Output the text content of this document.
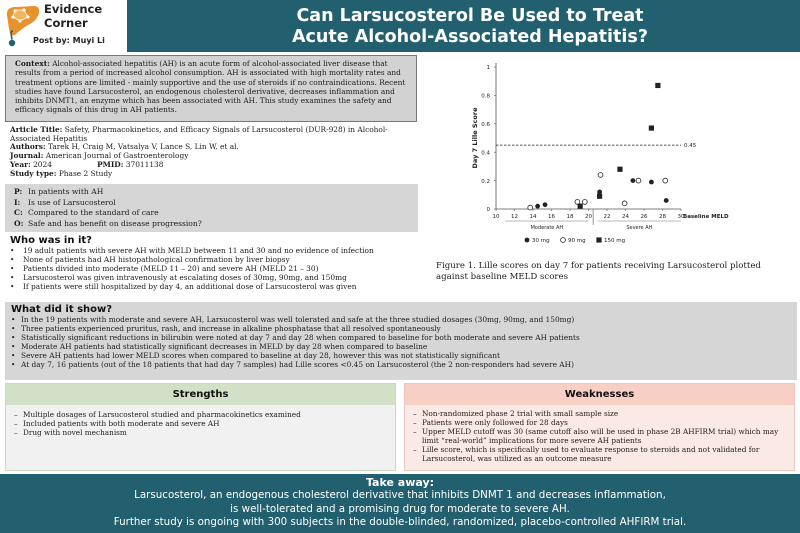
Evidence
Corner
Post by: Muyi Li
Can Larsucosterol Be Used to Treat
Acute Alcohol-Associated Hepatitis?
Context: Alcohol-associated hepatitis (AH) is an acute form of alcohol-associated liver disease that results from a period of increased alcohol consumption. AH is associated with high mortality rates and treatment options are limited - mainly supportive and the use of steroids if no contraindications. Recent studies have found Larsucosterol, an endogenous cholesterol derivative, decreases inflammation and inhibits DNMT1, an enzyme which has been associated with AH. This study examines the safety and efficacy signals of this drug in AH patients.
Article Title: Safety, Pharmacokinetics, and Efficacy Signals of Larsucosterol (DUR-928) in Alcohol-Associated Hepatitis
Authors: Tarek H, Craig M, Vatsalya V, Lance S, Lin W, et al.
Journal: American Journal of Gastroenterology
Year:
2024	PMID:
37011138
Study type: Phase 2 Study
P: In patients with AH
I: Is use of Larsucosterol
C: Compared to the standard of care
O: Safe and has benefit on disease progression?
Who was in it?
• 19 adult patients with severe AH with MELD between 11 and 30 and no evidence of infection
• None of patients had AH histopathological confirmation by liver biopsy
• Patients divided into moderate (MELD 11 – 20) and severe AH (MELD 21 – 30)
• Larsucosterol was given intravenously at escalating doses of 30mg, 90mg, and 150mg
• If patients were still hospitalized by day 4, an additional dose of Larsucosterol was given
0
0.2
0.4
0.6
0.8
1
10 12 14 16 18 20 22 24 26 28 30
Day 7 Lille Score
Baseline MELD
0.45
Moderate AH	Severe AH
30 mg	90 mg	150 mg
Figure 1. Lille scores on day 7 for patients receiving Larsucosterol plotted against baseline MELD scores
What did it show?
• In the 19 patients with moderate and severe AH, Larsucosterol was well tolerated and safe at the three studied dosages (30mg, 90mg, and 150mg)
• Three patients experienced pruritus, rash, and increase in alkaline phosphatase that all resolved spontaneously
• Statistically significant reductions in bilirubin were noted at day 7 and day 28 when compared to baseline for both moderate and severe AH patients
• Moderate AH patients had statistically significant decreases in MELD by day 28 when compared to baseline
• Severe AH patients had lower MELD scores when compared to baseline at day 28, however this was not statistically significant
• At day 7, 16 patients (out of the 18 patients that had day 7 samples) had Lille scores <0.45 on Larsucosterol (the 2 non-responders had severe AH)
Strengths
– Multiple dosages of Larsucosterol studied and pharmacokinetics examined
– Included patients with both moderate and severe AH
– Drug with novel mechanism
Weaknesses
– Non-randomized phase 2 trial with small sample size
– Patients were only followed for 28 days
– Upper MELD cutoff was 30 (same cutoff also will be used in phase 2B AHFIRM trial) which may limit “real-world” implications for more severe AH patients
– Lille score, which is specifically used to evaluate response to steroids and not validated for Larsucosterol, was utilized as an outcome measure
Take away:
Larsucosterol, an endogenous cholesterol derivative that inhibits DNMT 1 and decreases inflammation,
is well-tolerated and a promising drug for moderate to severe AH.
Further study is ongoing with 300 subjects in the double-blinded, randomized, placebo-controlled AHFIRM trial.
